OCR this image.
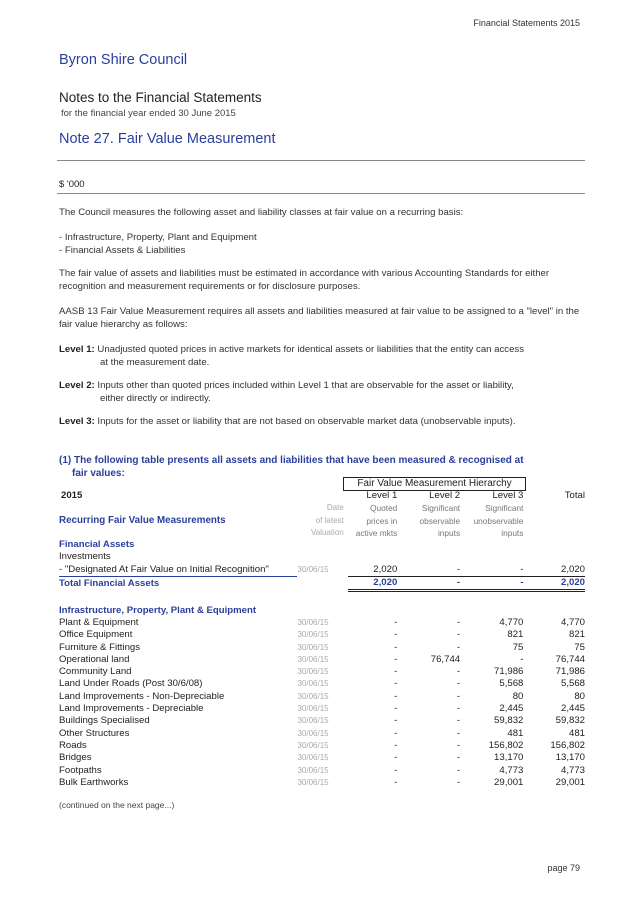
Financial Statements 2015
Byron Shire Council
Notes to the Financial Statements
for the financial year ended 30 June 2015
Note 27. Fair Value Measurement
$ '000
The Council measures the following asset and liability classes at fair value on a recurring basis:
- Infrastructure, Property, Plant and Equipment
- Financial Assets & Liabilities
The fair value of assets and liabilities must be estimated in accordance with various Accounting Standards for either recognition and measurement requirements or for disclosure purposes.
AASB 13 Fair Value Measurement requires all assets and liabilities measured at fair value to be assigned to a "level" in the fair value hierarchy as follows:
Level 1: Unadjusted quoted prices in active markets for identical assets or liabilities that the entity can access
at the measurement date.
Level 2: Inputs other than quoted prices included within Level 1 that are observable for the asset or liability,
either directly or indirectly.
Level 3: Inputs for the asset or liability that are not based on observable market data (unobservable inputs).
(1) The following table presents all assets and liabilities that have been measured & recognised at
fair values:
Fair Value Measurement Hierarchy
2015		Level 1	Level 2	Level 3	Total
	Date	Quoted	Significant	Significant	
Recurring Fair Value Measurements	of latest	prices in	observable	unobservable	
	Valuation	active mkts	inputs	inputs	
Financial Assets					
Investments					
- "Designated At Fair Value on Initial Recognition"	30/06/15	2,020	-	-	2,020
Total Financial Assets		2,020	-	-	2,020

Infrastructure, Property, Plant & Equipment					
Plant & Equipment	30/06/15	-	-	4,770	4,770
Office Equipment	30/06/15	-	-	821	821
Furniture & Fittings	30/06/15	-	-	75	75
Operational land	30/06/15	-	76,744	-	76,744
Community Land	30/06/15	-	-	71,986	71,986
Land Under Roads (Post 30/6/08)	30/06/15	-	-	5,568	5,568
Land Improvements - Non-Depreciable	30/06/15	-	-	80	80
Land Improvements - Depreciable	30/06/15	-	-	2,445	2,445
Buildings Specialised	30/06/15	-	-	59,832	59,832
Other Structures	30/06/15	-	-	481	481
Roads	30/06/15	-	-	156,802	156,802
Bridges	30/06/15	-	-	13,170	13,170
Footpaths	30/06/15	-	-	4,773	4,773
Bulk Earthworks	30/06/15	-	-	29,001	29,001
(continued on the next page...)
page 79
